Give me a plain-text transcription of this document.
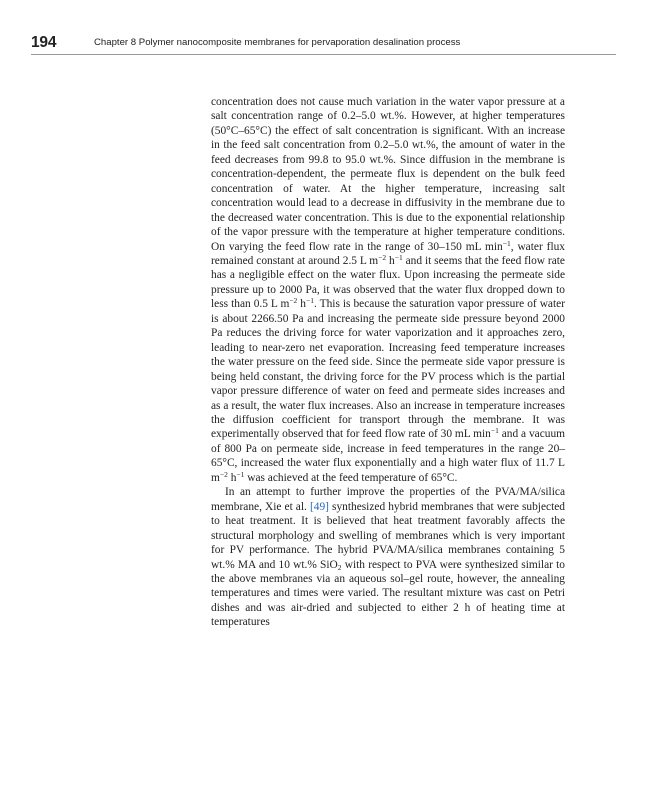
194	Chapter 8 Polymer nanocomposite membranes for pervaporation desalination process

concentration does not cause much variation in the water vapor pressure at a salt concentration range of 0.2–5.0 wt.%. However, at higher temperatures (50°C–65°C) the effect of salt concentration is significant. With an increase in the feed salt concentration from 0.2–5.0 wt.%, the amount of water in the feed decreases from 99.8 to 95.0 wt.%. Since diffusion in the membrane is concentration-dependent, the permeate flux is dependent on the bulk feed concentration of water. At the higher temperature, increasing salt concentration would lead to a decrease in diffusivity in the membrane due to the decreased water concentration. This is due to the exponential relationship of the vapor pressure with the temperature at higher temperature conditions. On varying the feed flow rate in the range of 30–150 mL $\min^{-1}$, water flux remained constant at around 2.5 L $m^{-2}$ $h^{-1}$ and it seems that the feed flow rate has a negligible effect on the water flux. Upon increasing the permeate side pressure up to 2000 Pa, it was observed that the water flux dropped down to less than 0.5 L $m^{-2}$ $h^{-1}$. This is because the saturation vapor pressure of water is about 2266.50 Pa and increasing the permeate side pressure beyond 2000 Pa reduces the driving force for water vaporization and it approaches zero, leading to near-zero net evaporation. Increasing feed temperature increases the water pressure on the feed side. Since the permeate side vapor pressure is being held constant, the driving force for the PV process which is the partial vapor pressure difference of water on feed and permeate sides increases and as a result, the water flux increases. Also an increase in temperature increases the diffusion coefficient for transport through the membrane. It was experimentally observed that for feed flow rate of 30 mL $\min^{-1}$ and a vacuum of 800 Pa on permeate side, increase in feed temperatures in the range 20–65°C, increased the water flux exponentially and a high water flux of 11.7 L $m^{-2}$ $h^{-1}$ was achieved at the feed temperature of 65°C.

In an attempt to further improve the properties of the PVA/MA/silica membrane, Xie et al. [49] synthesized hybrid membranes that were subjected to heat treatment. It is believed that heat treatment favorably affects the structural morphology and swelling of membranes which is very important for PV performance. The hybrid PVA/MA/silica membranes containing 5 wt.% MA and 10 wt.% SiO$_2$ with respect to PVA were synthesized similar to the above membranes via an aqueous sol–gel route, however, the annealing temperatures and times were varied. The resultant mixture was cast on Petri dishes and was air-dried and subjected to either 2 h of heating time at temperatures
